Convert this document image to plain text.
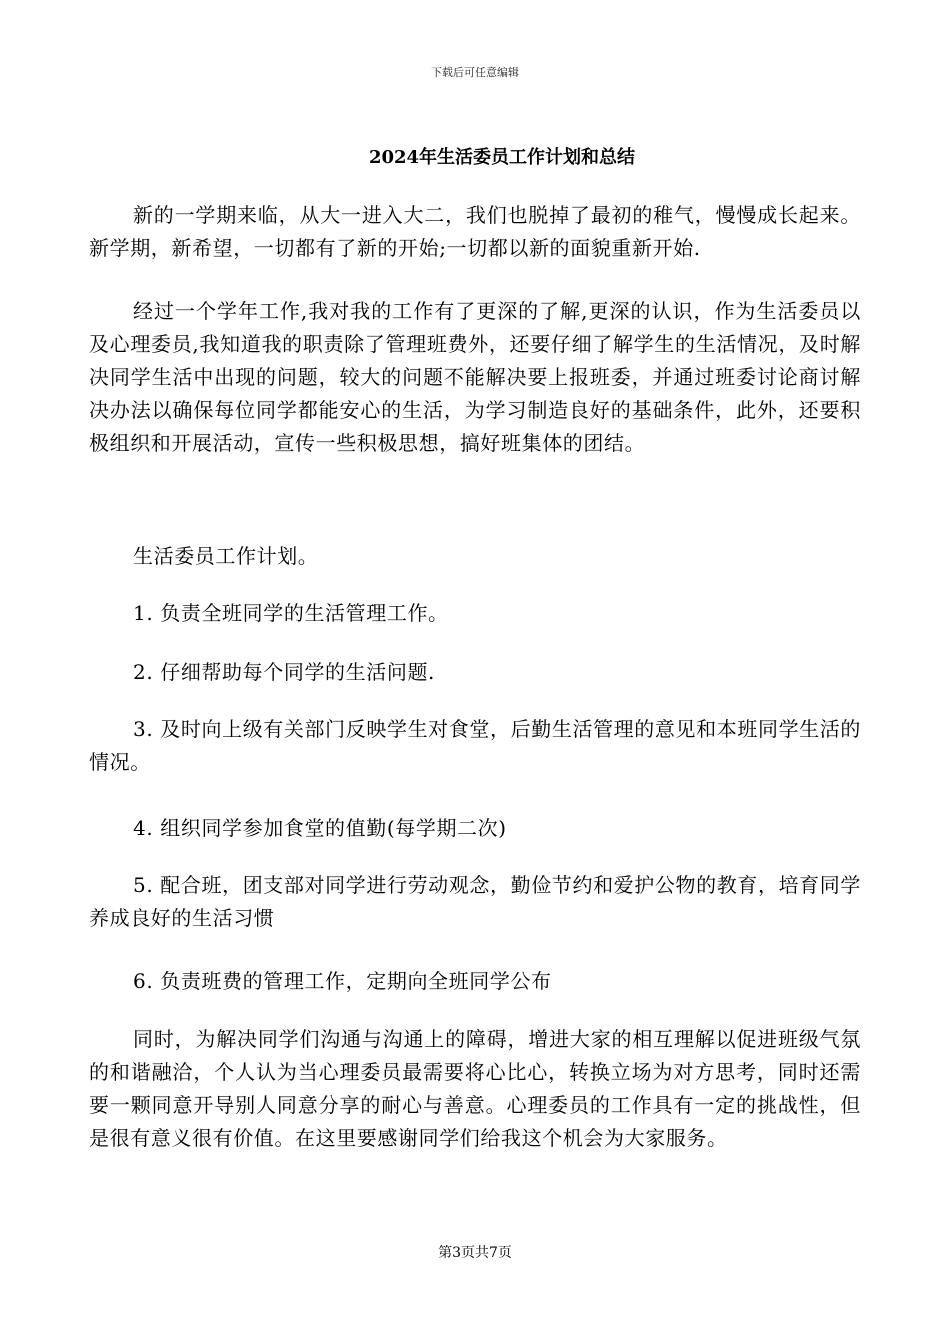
下载后可任意编辑
2024年生活委员工作计划和总结

新的一学期来临，从大一进入大二，我们也脱掉了最初的稚气，慢慢成长起来。新学期，新希望，一切都有了新的开始;一切都以新的面貌重新开始.

经过一个学年工作,我对我的工作有了更深的了解,更深的认识，作为生活委员以及心理委员,我知道我的职责除了管理班费外，还要仔细了解学生的生活情况，及时解决同学生活中出现的问题，较大的问题不能解决要上报班委，并通过班委讨论商讨解决办法以确保每位同学都能安心的生活，为学习制造良好的基础条件，此外，还要积极组织和开展活动，宣传一些积极思想，搞好班集体的团结。

生活委员工作计划。

1. 负责全班同学的生活管理工作。

2. 仔细帮助每个同学的生活问题.

3. 及时向上级有关部门反映学生对食堂，后勤生活管理的意见和本班同学生活的情况。

4. 组织同学参加食堂的值勤(每学期二次)

5. 配合班，团支部对同学进行劳动观念，勤俭节约和爱护公物的教育，培育同学养成良好的生活习惯

6. 负责班费的管理工作，定期向全班同学公布

同时，为解决同学们沟通与沟通上的障碍，增进大家的相互理解以促进班级气氛的和谐融洽，个人认为当心理委员最需要将心比心，转换立场为对方思考，同时还需要一颗同意开导别人同意分享的耐心与善意。心理委员的工作具有一定的挑战性，但是很有意义很有价值。在这里要感谢同学们给我这个机会为大家服务。

第3页共7页
